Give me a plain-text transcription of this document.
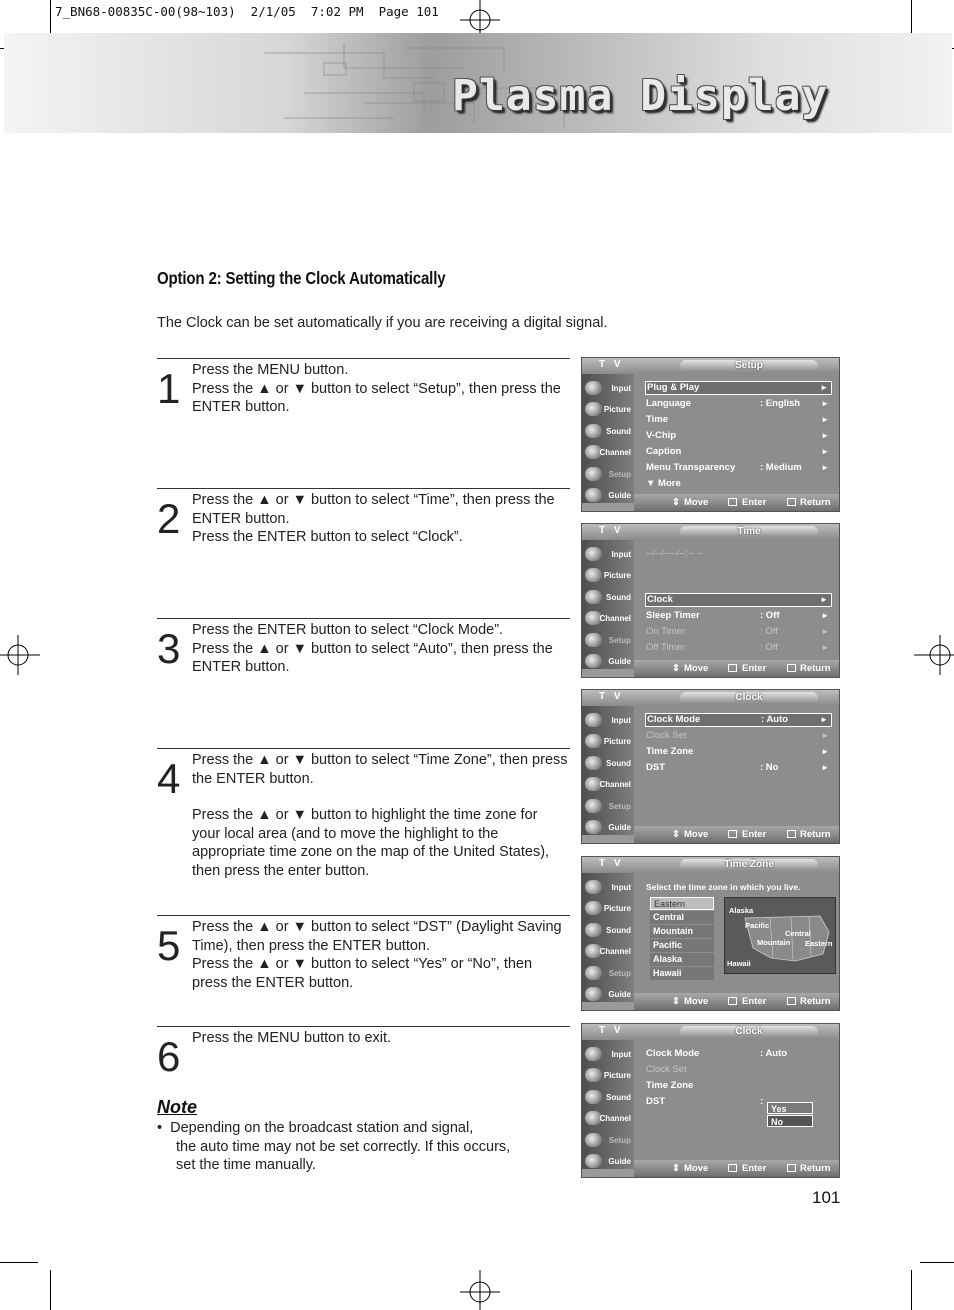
7_BN68-00835C-00(98~103)  2/1/05  7:02 PM  Page 101
Plasma Display
Option 2: Setting the Clock Automatically
The Clock can be set automatically if you are receiving a digital signal.
1 Press the MENU button.

Press the ▲ or ▼ button to select “Setup”, then press the ENTER button.

2 Press the ▲ or ▼ button to select “Time”, then press the ENTER button.

Press the ENTER button to select “Clock”.

3 Press the ENTER button to select “Clock Mode”.

Press the ▲ or ▼ button to select “Auto”, then press the ENTER button.

4 Press the ▲ or ▼ button to select “Time Zone”, then press the ENTER button.

Press the ▲ or ▼ button to highlight the time zone for your local area (and to move the highlight to the appropriate time zone on the map of the United States), then press the enter button.

5 Press the ▲ or ▼ button to select “DST” (Daylight Saving Time), then press the ENTER button.

Press the ▲ or ▼ button to select “Yes” or “No”, then press the ENTER button.

6 Press the MENU button to exit.

Note
• Depending on the broadcast station and signal,
the auto time may not be set correctly. If this occurs,
set the time manually.
101
T V	Setup
Input
Picture
Sound
Channel
Setup
Guide
Plug & Play	►
Language	: English	►
Time	►
V-Chip	►
Caption	►
Menu Transparency	: Medium ►
▼ More
⇕ Move	Enter	Return
T V	Time
Input
Picture
Sound
Channel
Setup
Guide
--/--/----/--:-- --
Clock	►
Sleep Timer	: Off	►
On Timer	: Off	►
Off Timer	: Off	►
⇕ Move	Enter	Return
T V	Clock
Input
Picture
Sound
Channel
Setup
Guide
Clock Mode	: Auto	►
Clock Set	►
Time Zone	►
DST	: No	►
⇕ Move	Enter	Return
T V	Time Zone
Input
Picture
Sound
Channel
Setup
Guide
Select the time zone in which you live.
Eastern
Central
Mountain
Pacific
Alaska
Hawaii
Alaska
Pacific
Central
Mountain Eastern
Hawaii
⇕ Move	Enter	Return
T V	Clock
Input
Picture
Sound
Channel
Setup
Guide
Clock Mode	: Auto
Clock Set
Time Zone
DST	:
Yes
No
⇕ Move	Enter	Return
